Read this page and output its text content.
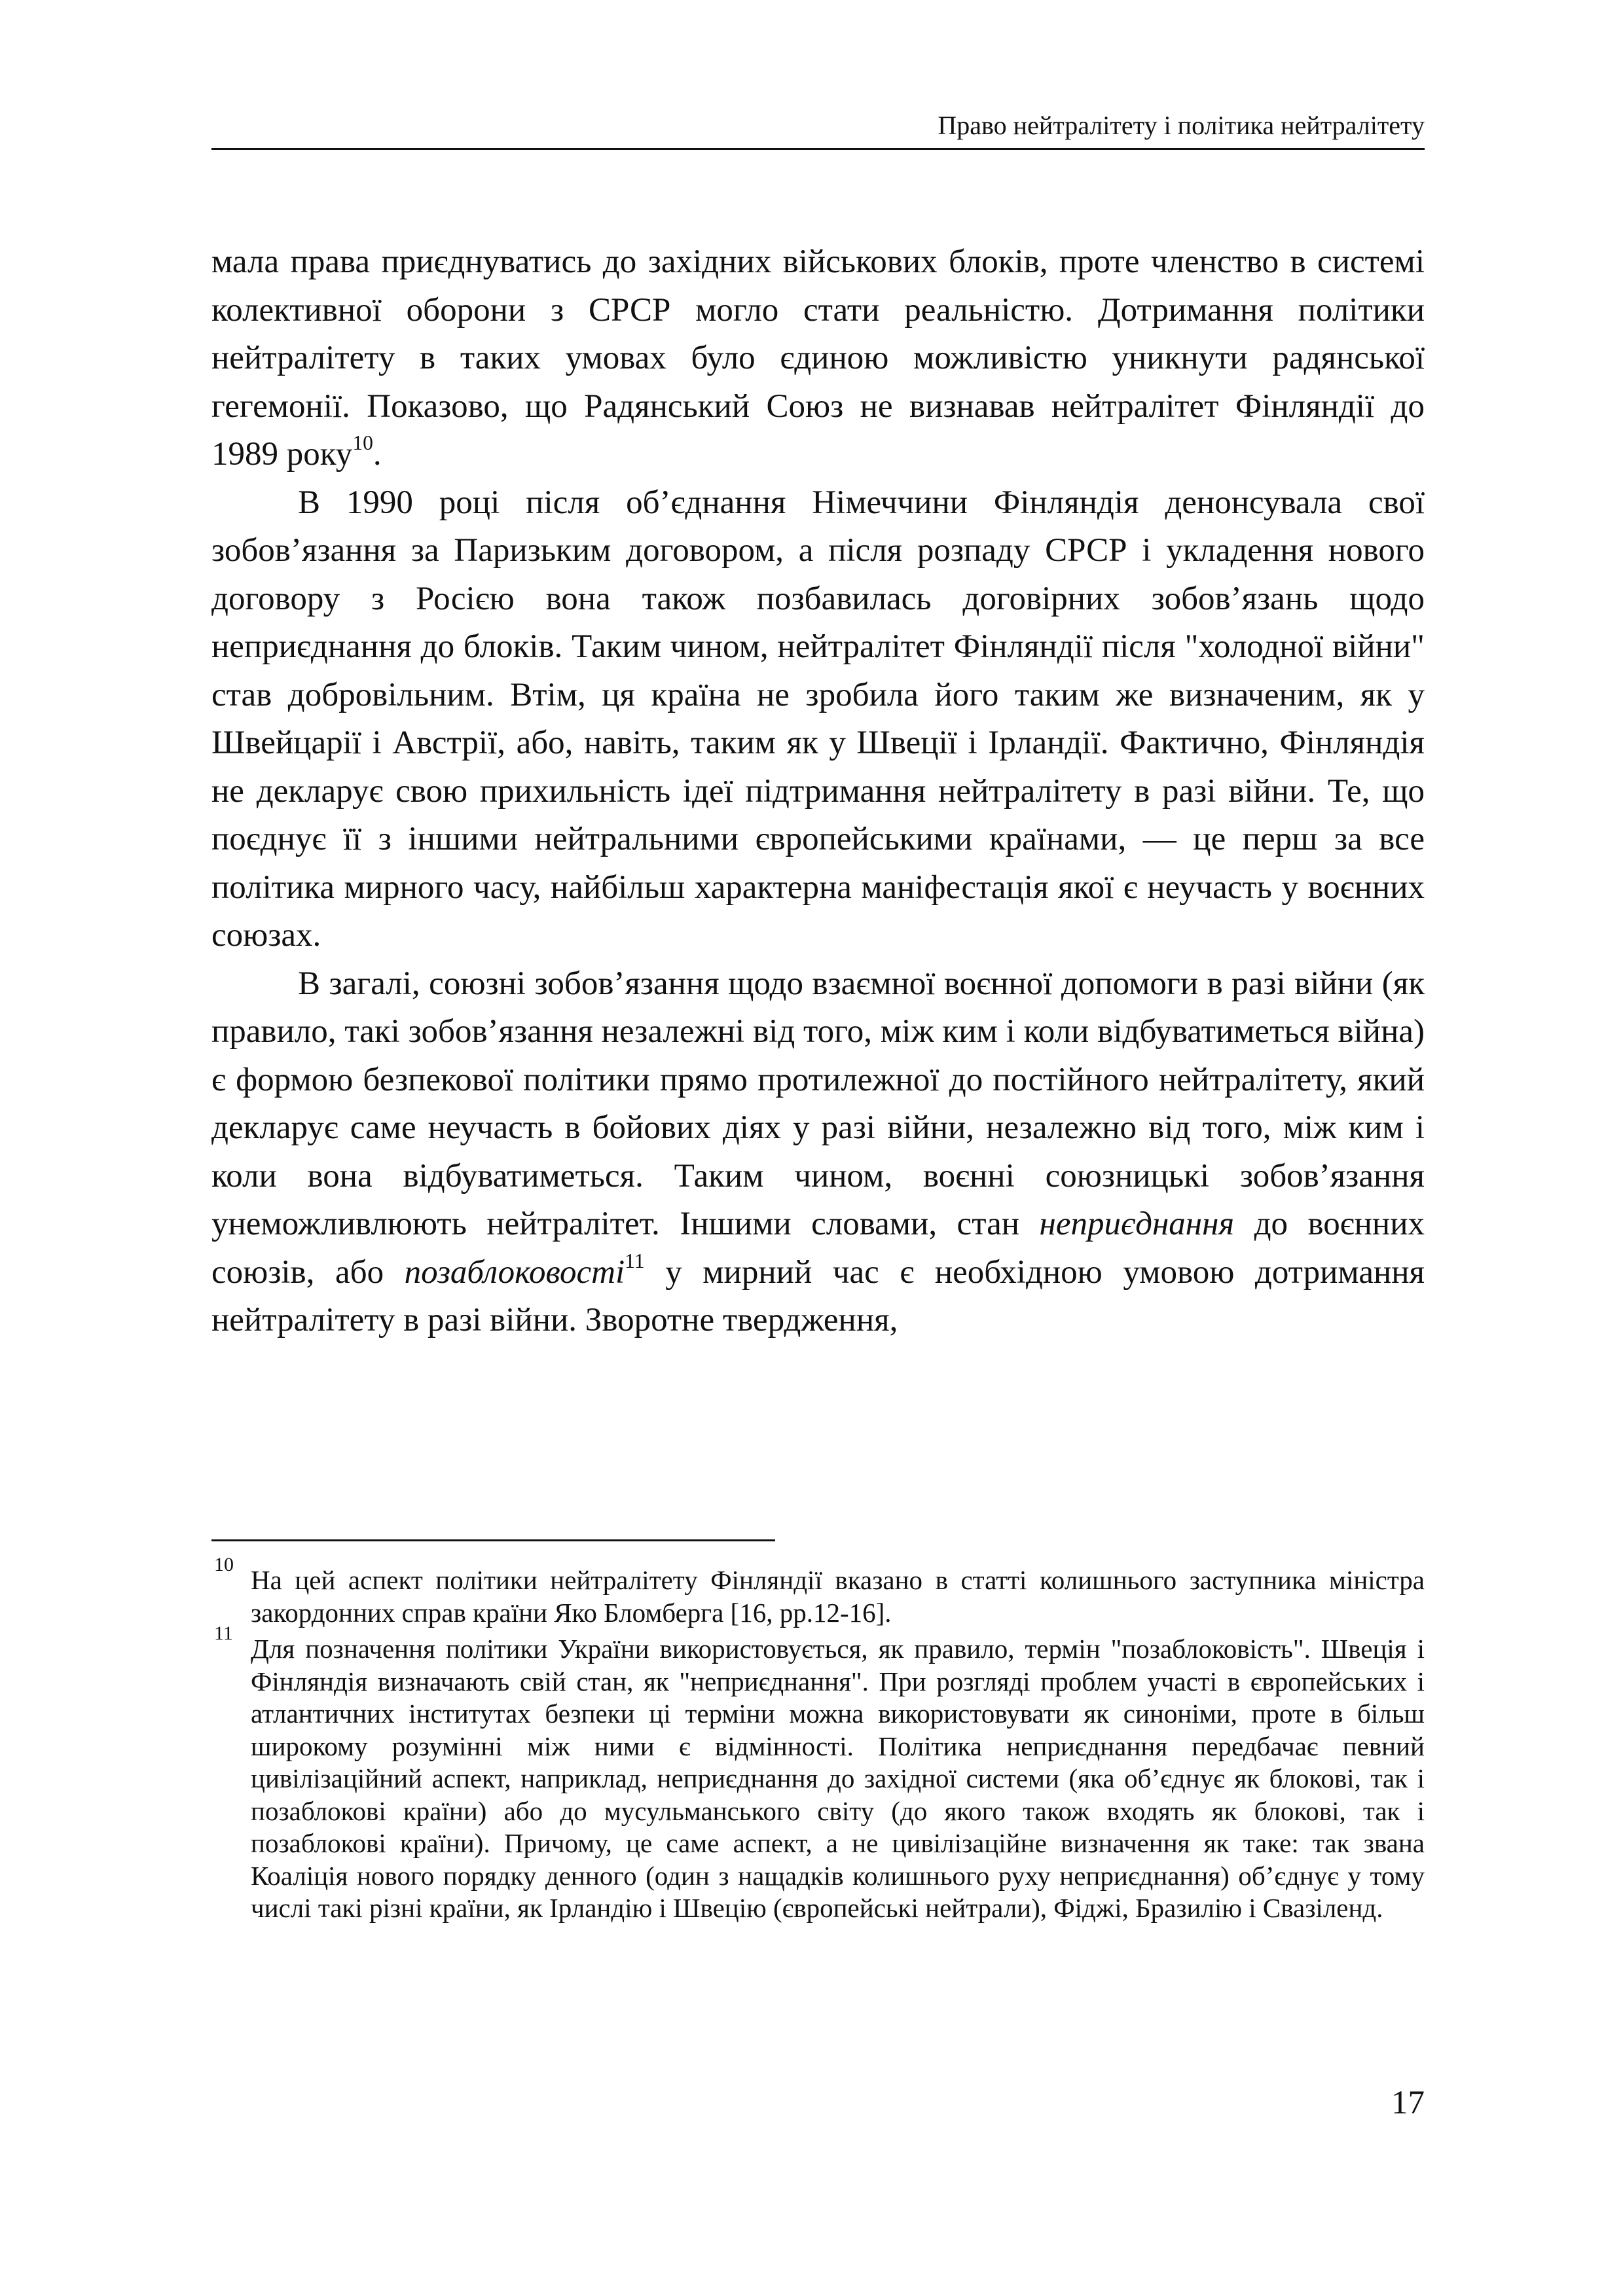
Право нейтралітету і політика нейтралітету

мала права приєднуватись до західних військових блоків, проте членство в системі колективної оборони з СРСР могло стати реальністю. Дотримання політики нейтралітету в таких умовах було єдиною можливістю уникнути радянської гегемонії. Показово, що Радянський Союз не визнавав нейтралітет Фінляндії до 1989 року$^{10}$.

В 1990 році після об’єднання Німеччини Фінляндія денонсувала свої зобов’язання за Паризьким договором, а після розпаду СРСР і укладення нового договору з Росією вона також позбавилась договірних зобов’язань щодо неприєднання до блоків. Таким чином, нейтралітет Фінляндії після "холодної війни" став добровільним. Втім, ця країна не зробила його таким же визначеним, як у Швейцарії і Австрії, або, навіть, таким як у Швеції і Ірландії. Фактично, Фінляндія не декларує свою прихильність ідеї підтримання нейтралітету в разі війни. Те, що поєднує її з іншими нейтральними європейськими країнами, — це перш за все політика мирного часу, найбільш характерна маніфестація якої є неучасть у воєнних союзах.

В загалі, союзні зобов’язання щодо взаємної воєнної допомоги в разі війни (як правило, такі зобов’язання незалежні від того, між ким і коли відбуватиметься війна) є формою безпекової політики прямо протилежної до постійного нейтралітету, який декларує саме неучасть в бойових діях у разі війни, незалежно від того, між ким і коли вона відбуватиметься. Таким чином, воєнні союзницькі зобов’язання унеможливлюють нейтралітет. Іншими словами, стан неприєднання до воєнних союзів, або позаблоковості$^{11}$ у мирний час є необхідною умовою дотримання нейтралітету в разі війни. Зворотне твердження,

10
На цей аспект політики нейтралітету Фінляндії вказано в статті колишнього заступника міністра закордонних справ країни Яко Бломберга [16, pp.12-16].
11
Для позначення політики України використовується, як правило, термін "позаблоковість". Швеція і Фінляндія визначають свій стан, як "неприєднання". При розгляді проблем участі в європейських і атлантичних інститутах безпеки ці терміни можна використовувати як синоніми, проте в більш широкому розумінні між ними є відмінності. Політика неприєднання передбачає певний цивілізаційний аспект, наприклад, неприєднання до західної системи (яка об’єднує як блокові, так і позаблокові країни) або до мусульманського світу (до якого також входять як блокові, так і позаблокові країни). Причому, це саме аспект, а не цивілізаційне визначення як таке: так звана Коаліція нового порядку денного (один з нащадків колишнього руху неприєднання) об’єднує у тому числі такі різні країни, як Ірландію і Швецію (європейські нейтрали), Фіджі, Бразилію і Свазіленд.
17
